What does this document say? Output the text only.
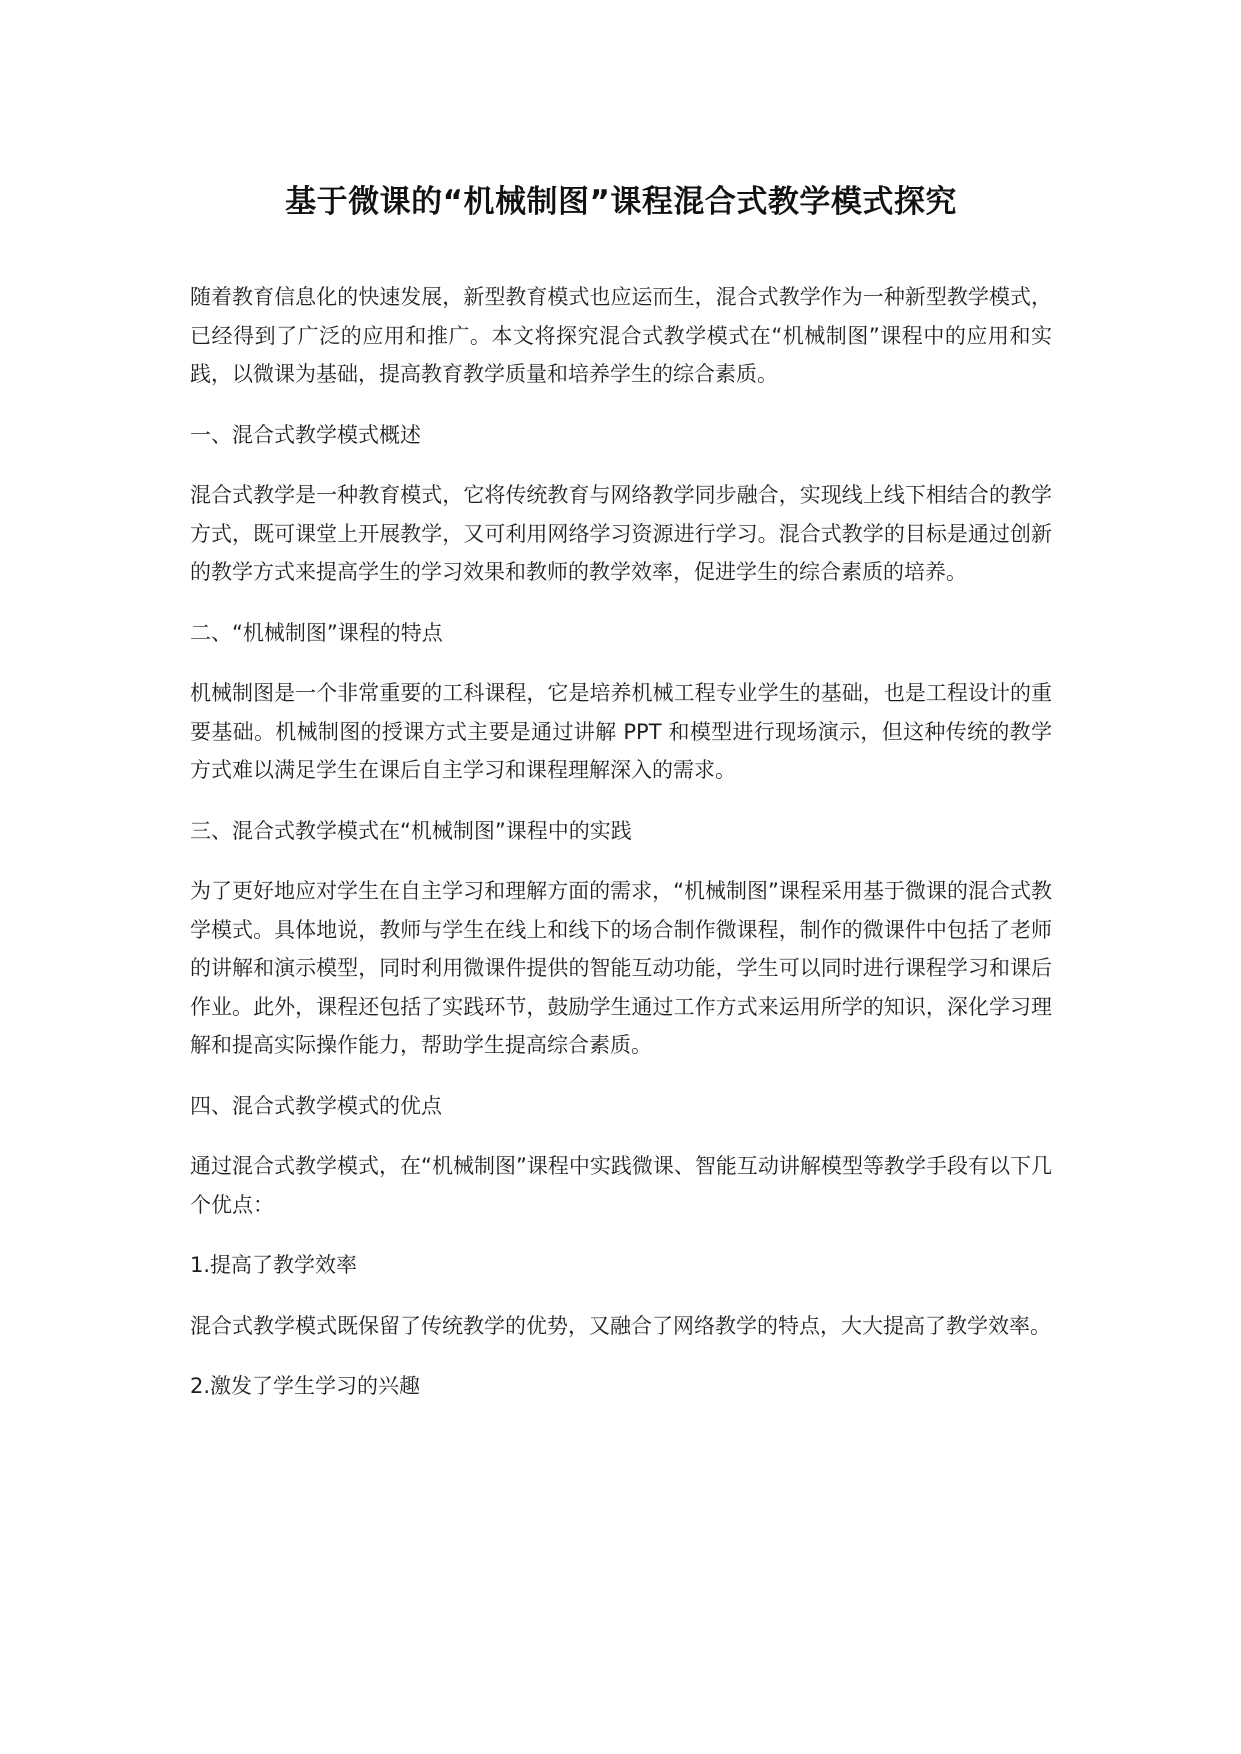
基于微课的“机械制图”课程混合式教学模式探究

随着教育信息化的快速发展，新型教育模式也应运而生，混合式教学作为一种新型教学模式，已经得到了广泛的应用和推广。本文将探究混合式教学模式在“机械制图”课程中的应用和实践，以微课为基础，提高教育教学质量和培养学生的综合素质。

一、混合式教学模式概述

混合式教学是一种教育模式，它将传统教育与网络教学同步融合，实现线上线下相结合的教学方式，既可课堂上开展教学，又可利用网络学习资源进行学习。混合式教学的目标是通过创新的教学方式来提高学生的学习效果和教师的教学效率，促进学生的综合素质的培养。

二、“机械制图”课程的特点

机械制图是一个非常重要的工科课程，它是培养机械工程专业学生的基础，也是工程设计的重要基础。机械制图的授课方式主要是通过讲解 PPT 和模型进行现场演示，但这种传统的教学方式难以满足学生在课后自主学习和课程理解深入的需求。

三、混合式教学模式在“机械制图”课程中的实践

为了更好地应对学生在自主学习和理解方面的需求，“机械制图”课程采用基于微课的混合式教学模式。具体地说，教师与学生在线上和线下的场合制作微课程，制作的微课件中包括了老师的讲解和演示模型，同时利用微课件提供的智能互动功能，学生可以同时进行课程学习和课后作业。此外，课程还包括了实践环节，鼓励学生通过工作方式来运用所学的知识，深化学习理解和提高实际操作能力，帮助学生提高综合素质。

四、混合式教学模式的优点

通过混合式教学模式，在“机械制图”课程中实践微课、智能互动讲解模型等教学手段有以下几个优点：

1.提高了教学效率

混合式教学模式既保留了传统教学的优势，又融合了网络教学的特点，大大提高了教学效率。

2.激发了学生学习的兴趣
